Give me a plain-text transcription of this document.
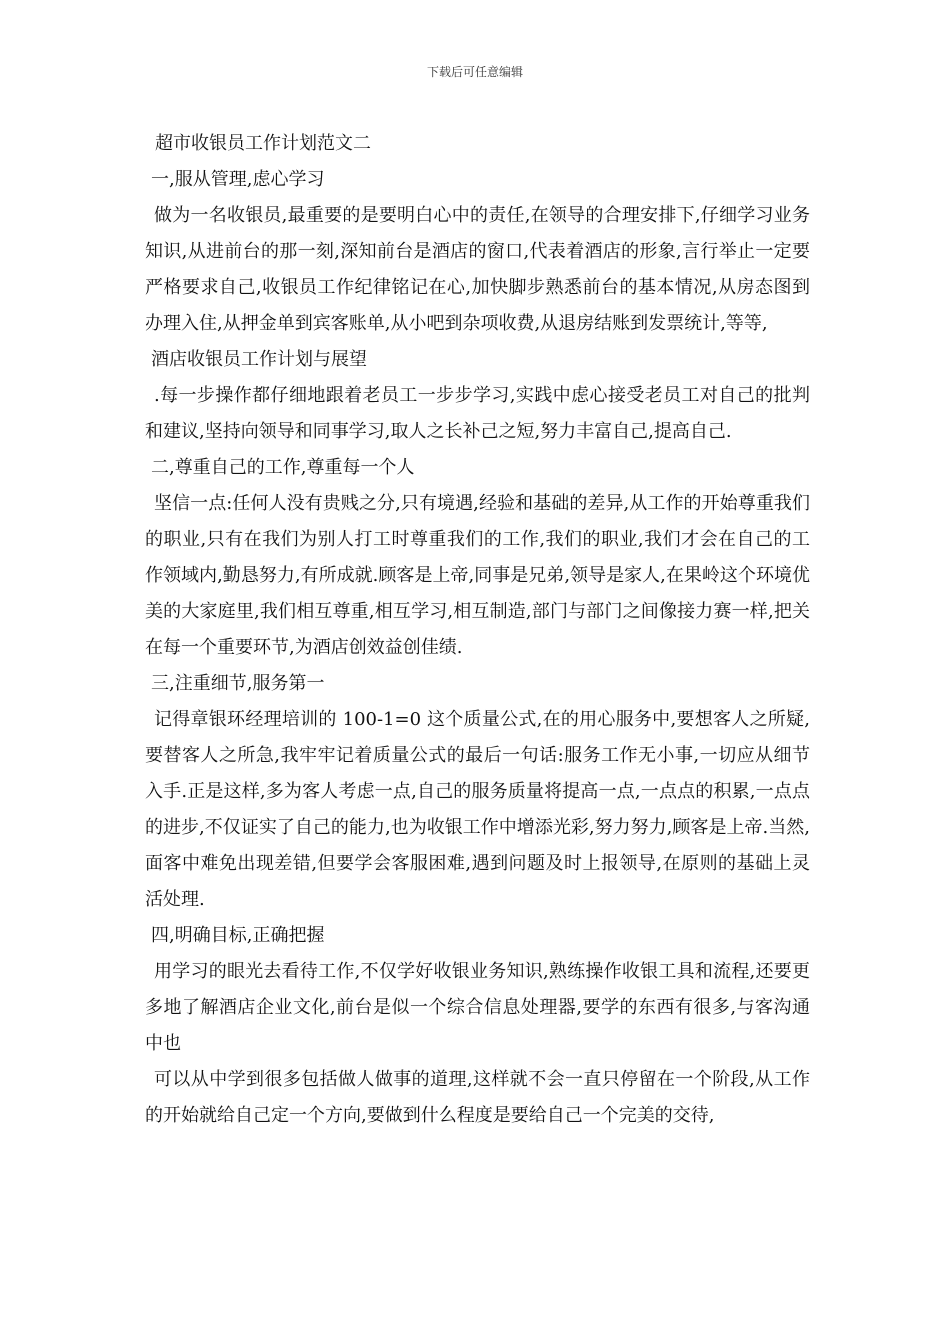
下载后可任意编辑

超市收银员工作计划范文二

一,服从管理,虑心学习

做为一名收银员,最重要的是要明白心中的责任,在领导的合理安排下,仔细学习业务知识,从进前台的那一刻,深知前台是酒店的窗口,代表着酒店的形象,言行举止一定要严格要求自己,收银员工作纪律铭记在心,加快脚步熟悉前台的基本情况,从房态图到办理入住,从押金单到宾客账单,从小吧到杂项收费,从退房结账到发票统计,等等,

酒店收银员工作计划与展望

.每一步操作都仔细地跟着老员工一步步学习,实践中虑心接受老员工对自己的批判和建议,坚持向领导和同事学习,取人之长补己之短,努力丰富自己,提高自己.

二,尊重自己的工作,尊重每一个人

坚信一点:任何人没有贵贱之分,只有境遇,经验和基础的差异,从工作的开始尊重我们的职业,只有在我们为别人打工时尊重我们的工作,我们的职业,我们才会在自己的工作领域内,勤恳努力,有所成就.顾客是上帝,同事是兄弟,领导是家人,在果岭这个环境优美的大家庭里,我们相互尊重,相互学习,相互制造,部门与部门之间像接力赛一样,把关在每一个重要环节,为酒店创效益创佳绩.

三,注重细节,服务第一

记得章银环经理培训的 100-1=0 这个质量公式,在的用心服务中,要想客人之所疑,要替客人之所急,我牢牢记着质量公式的最后一句话:服务工作无小事,一切应从细节入手.正是这样,多为客人考虑一点,自己的服务质量将提高一点,一点点的积累,一点点的进步,不仅证实了自己的能力,也为收银工作中增添光彩,努力努力,顾客是上帝.当然,面客中难免出现差错,但要学会客服困难,遇到问题及时上报领导,在原则的基础上灵活处理.

四,明确目标,正确把握

用学习的眼光去看待工作,不仅学好收银业务知识,熟练操作收银工具和流程,还要更多地了解酒店企业文化,前台是似一个综合信息处理器,要学的东西有很多,与客沟通中也

可以从中学到很多包括做人做事的道理,这样就不会一直只停留在一个阶段,从工作的开始就给自己定一个方向,要做到什么程度是要给自己一个完美的交待,
